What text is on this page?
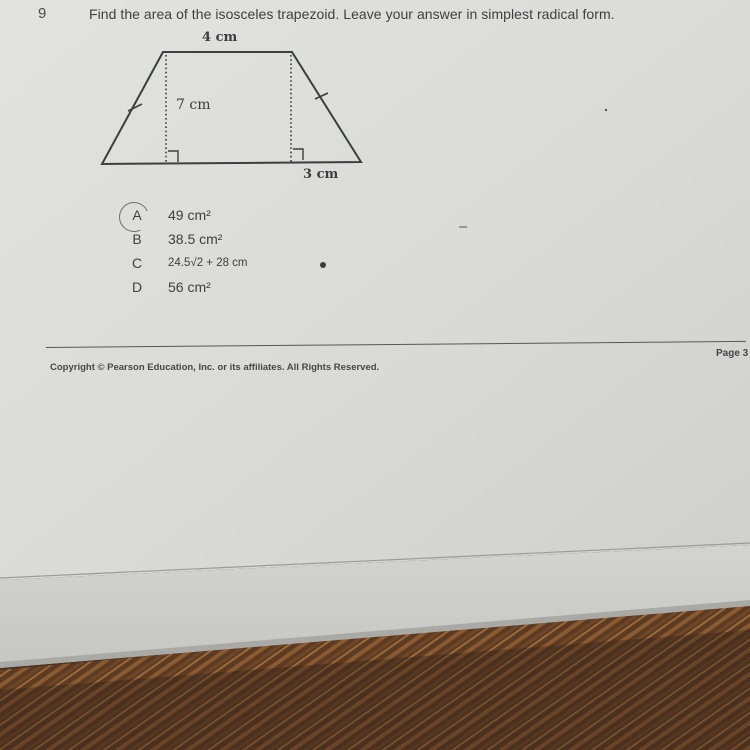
9	Find the area of the isosceles trapezoid. Leave your answer in simplest radical form.
4 cm
7 cm
3 cm
A 49 cm²
B 38.5 cm²
C 24.5√2 + 28 cm
D 56 cm²
Copyright © Pearson Education, Inc. or its affiliates. All Rights Reserved.
Page 3
